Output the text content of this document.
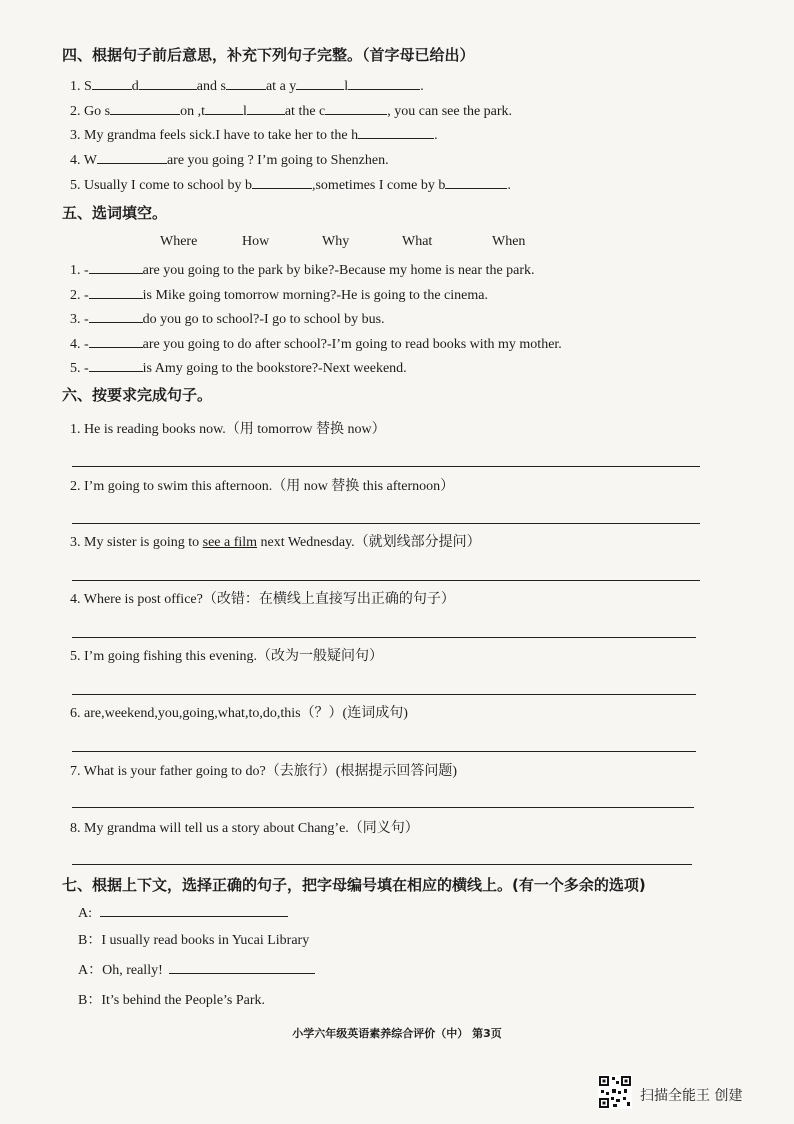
四、根据句子前后意思，补充下列句子完整。（首字母已给出）
1. S	d	and s	at a y	l	.
2. Go s	on ,t	l	at the c	, you can see the park.
3. My grandma feels sick.I have to take her to the h	.
4. W	are you going ? I’m going to Shenzhen.
5. Usually I come to school by b	,sometimes I come by b	.
五、选词填空。
Where	How	Why	What	When
1. -	are you going to the park by bike?-Because my home is near the park.
2. -	is Mike going tomorrow morning?-He is going to the cinema.
3. -	do you go to school?-I go to school by bus.
4. -	are you going to do after school?-I’m going to read books with my mother.
5. -	is Amy going to the bookstore?-Next weekend.
六、按要求完成句子。
1. He is reading books now.（用 tomorrow 替换 now）
2. I’m going to swim this afternoon.（用 now 替换 this afternoon）
3. My sister is going to see a film next Wednesday.（就划线部分提问）
4. Where is post office?（改错：在横线上直接写出正确的句子）
5. I’m going fishing this evening.（改为一般疑问句）
6. are,weekend,you,going,what,to,do,this（？）(连词成句)
7. What is your father going to do?（去旅行）(根据提示回答问题)
8. My grandma will tell us a story about Chang’e.（同义句）
七、根据上下文，选择正确的句子，把字母编号填在相应的横线上。(有一个多余的选项)
A:
B：I usually read books in Yucai Library
A：Oh, really!
B：It’s behind the People’s Park.
小学六年级英语素养综合评价（中） 第3页
扫描全能王 创建
